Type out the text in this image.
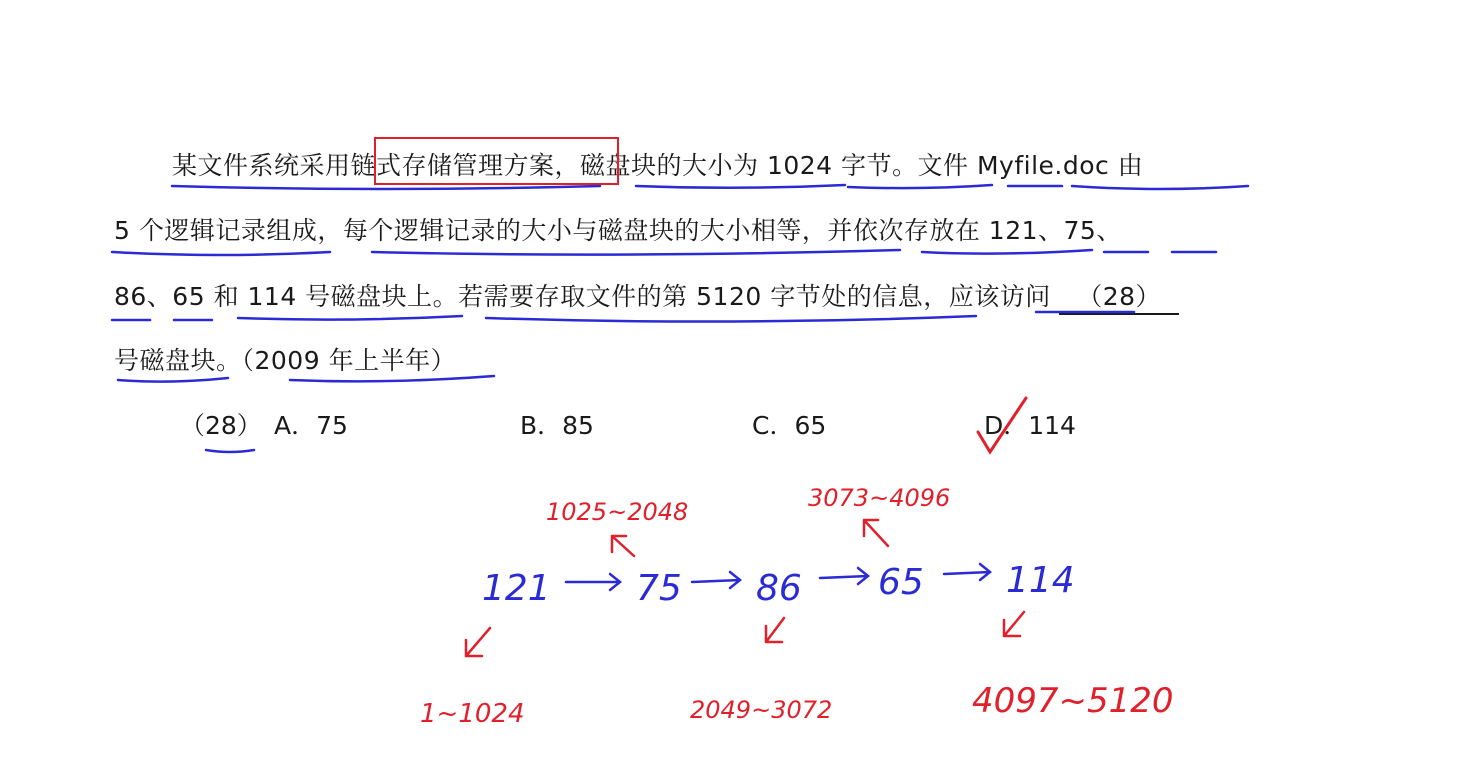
某文件系统采用链式存储管理方案，磁盘块的大小为 1024 字节。文件 Myfile.doc 由
5 个逻辑记录组成，每个逻辑记录的大小与磁盘块的大小相等，并依次存放在 121、75、
86、65 和 114 号磁盘块上。若需要存取文件的第 5120 字节处的信息，应该访问 （28）
号磁盘块。（2009 年上半年）
（28） A．75	B．85	C．65	D．114
121 75 86 65 114
1025~2048	3073~4096
1~1024	2049~3072	4097~5120
